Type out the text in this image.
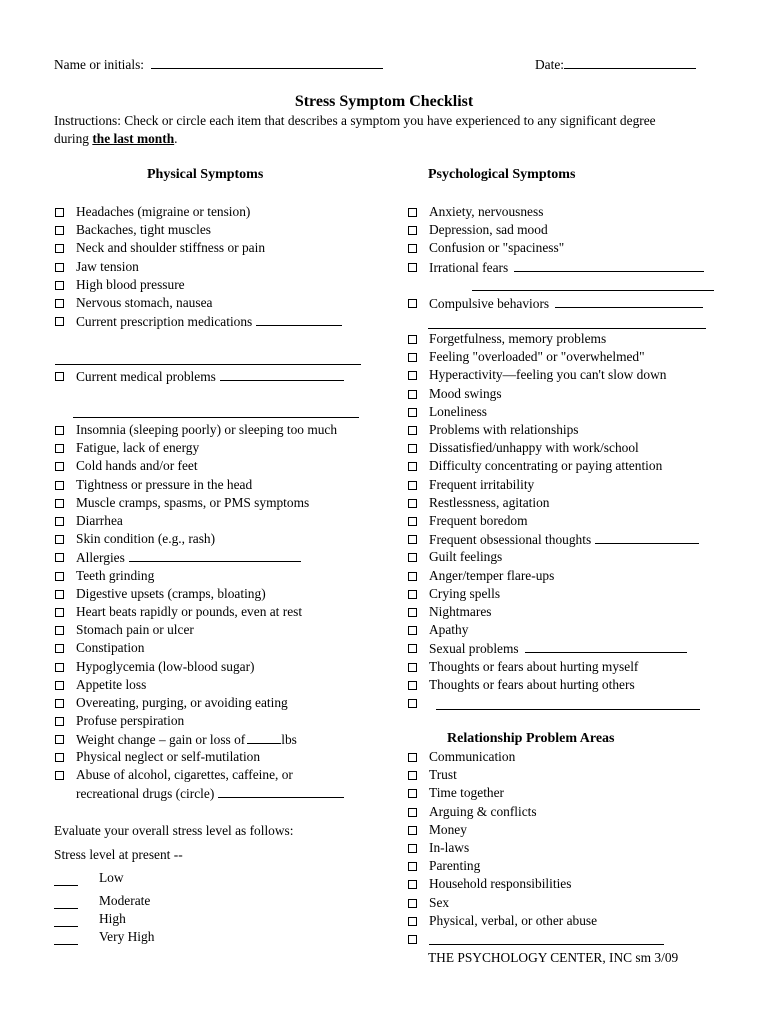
Name or initials:	Date:
Stress Symptom Checklist
Instructions: Check or circle each item that describes a symptom you have experienced to any significant degree
during the last month.
Physical Symptoms	Psychological Symptoms
Headaches (migraine or tension)
Backaches, tight muscles
Neck and shoulder stiffness or pain
Jaw tension
High blood pressure
Nervous stomach, nausea
Current prescription medications
Current medical problems
Insomnia (sleeping poorly) or sleeping too much
Fatigue, lack of energy
Cold hands and/or feet
Tightness or pressure in the head
Muscle cramps, spasms, or PMS symptoms
Diarrhea
Skin condition (e.g., rash)
Allergies
Teeth grinding
Digestive upsets (cramps, bloating)
Heart beats rapidly or pounds, even at rest
Stomach pain or ulcer
Constipation
Hypoglycemia (low-blood sugar)
Appetite loss
Overeating, purging, or avoiding eating
Profuse perspiration
Weight change – gain or loss of	lbs
Physical neglect or self-mutilation
Abuse of alcohol, cigarettes, caffeine, or
recreational drugs (circle)
Anxiety, nervousness
Depression, sad mood
Confusion or "spaciness"
Irrational fears
Compulsive behaviors
Forgetfulness, memory problems
Feeling "overloaded" or "overwhelmed"
Hyperactivity—feeling you can't slow down
Mood swings
Loneliness
Problems with relationships
Dissatisfied/unhappy with work/school
Difficulty concentrating or paying attention
Frequent irritability
Restlessness, agitation
Frequent boredom
Frequent obsessional thoughts
Guilt feelings
Anger/temper flare-ups
Crying spells
Nightmares
Apathy
Sexual problems
Thoughts or fears about hurting myself
Thoughts or fears about hurting others
Relationship Problem Areas
Communication
Trust
Time together
Arguing & conflicts
Money
In-laws
Parenting
Household responsibilities
Sex
Physical, verbal, or other abuse
Evaluate your overall stress level as follows:
Stress level at present --
Low
Moderate
High
Very High
THE PSYCHOLOGY CENTER, INC sm 3/09
